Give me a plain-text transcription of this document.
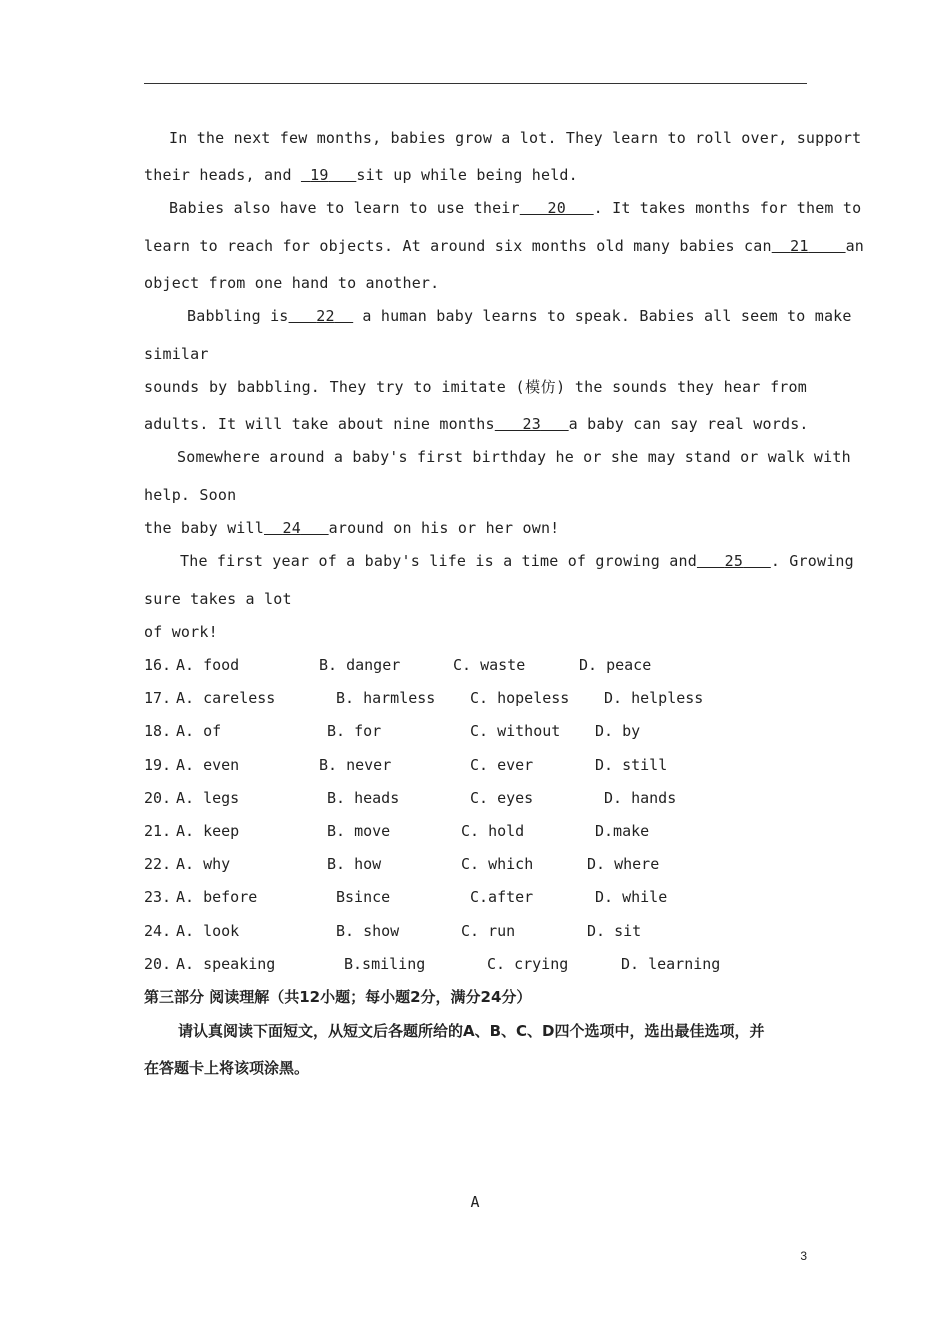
In the next few months, babies grow a lot. They learn to roll over, support
their heads, and  19 sit up while being held.
Babies also have to learn to use their 20 . It takes months for them to
learn to reach for objects. At around six months old many babies can 21 an
object from one hand to another.
Babbling is 22   a human baby learns to speak. Babies all seem to make
similar
sounds by babbling. They try to imitate (模仿) the sounds they hear from
adults. It will take about nine months 23 a baby can say real words.
Somewhere around a baby's first birthday he or she may stand or walk with
help. Soon
the baby will 24 around on his or her own!
The first year of a baby's life is a time of growing and 25 . Growing
sure takes a lot
of work!
16. A. food	B. danger	C. waste	D. peace
17. A. careless	B. harmless C. hopeless D. helpless
18. A. of	B. for	C. without D. by
19. A. even	B. never	C. ever	D. still
20. A. legs	B. heads	C. eyes	D. hands
21. A. keep	B. move	C. hold	D.make
22. A. why	B. how	C. which	D. where
23. A. before	Bsince	C.after	D. while
24. A. look	B. show	C. run	D. sit
20. A. speaking	B.smiling	C. crying	D. learning
第三部分 阅读理解（共12小题；每小题2分，满分24分）
请认真阅读下面短文，从短文后各题所给的A、B、C、D四个选项中，选出最佳选项，并
在答题卡上将该项涂黑。
A
3
